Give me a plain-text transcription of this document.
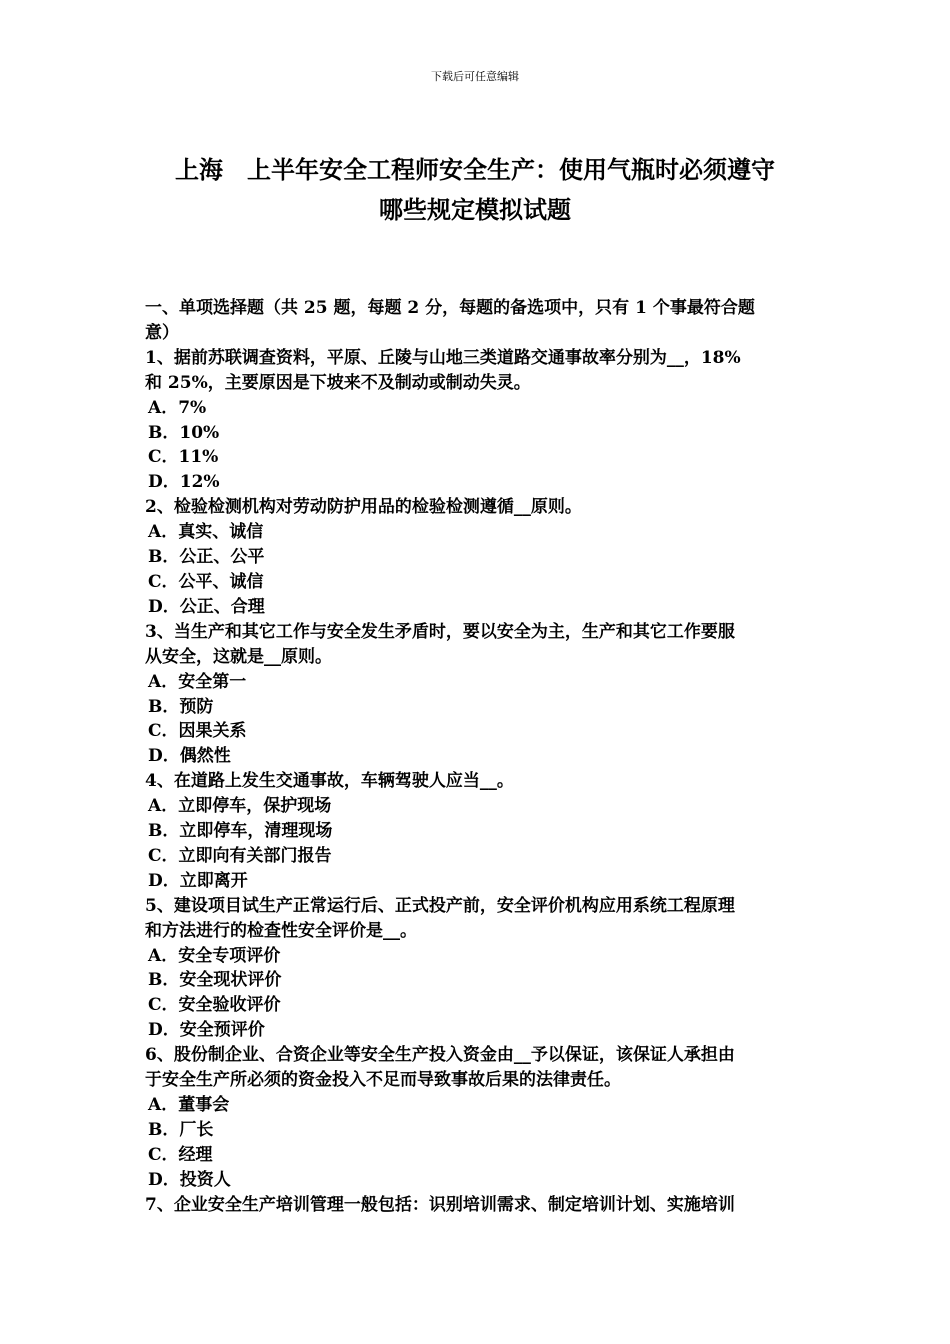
下载后可任意编辑
上海　上半年安全工程师安全生产：使用气瓶时必须遵守
哪些规定模拟试题

一、单项选择题（共 25 题，每题 2 分，每题的备选项中，只有 1 个事最符合题

意）

1、据前苏联调查资料，平原、丘陵与山地三类道路交通事故率分别为__，18%

和 25%，主要原因是下坡来不及制动或制动失灵。

A．7%

B．10%

C．11%

D．12%

2、检验检测机构对劳动防护用品的检验检测遵循__原则。

A．真实、诚信

B．公正、公平

C．公平、诚信

D．公正、合理

3、当生产和其它工作与安全发生矛盾时，要以安全为主，生产和其它工作要服

从安全，这就是__原则。

A．安全第一

B．预防

C．因果关系

D．偶然性

4、在道路上发生交通事故，车辆驾驶人应当__。

A．立即停车，保护现场

B．立即停车，清理现场

C．立即向有关部门报告

D．立即离开

5、建设项目试生产正常运行后、正式投产前，安全评价机构应用系统工程原理

和方法进行的检查性安全评价是__。

A．安全专项评价

B．安全现状评价

C．安全验收评价

D．安全预评价

6、股份制企业、合资企业等安全生产投入资金由__予以保证，该保证人承担由

于安全生产所必须的资金投入不足而导致事故后果的法律责任。

A．董事会

B．厂长

C．经理

D．投资人

7、企业安全生产培训管理一般包括：识别培训需求、制定培训计划、实施培训
